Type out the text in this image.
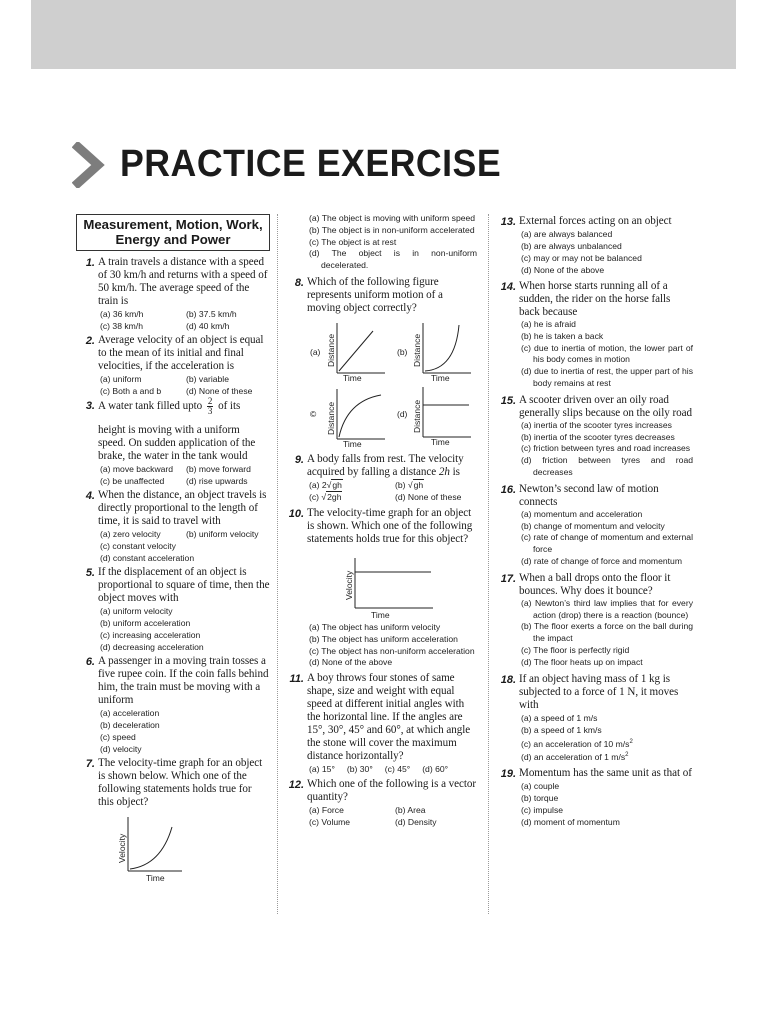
PRACTICE EXERCISE
Measurement, Motion, Work, Energy and Power
1. A train travels a distance with a speed of 30 km/h and returns with a speed of 50 km/h. The average speed of the train is
(a) 36 km/h	(b) 37.5 km/h
(c) 38 km/h	(d) 40 km/h
2. Average velocity of an object is equal to the mean of its initial and final velocities, if the acceleration is
(a) uniform	(b) variable
(c) Both a and b	(d) None of these
3. A water tank filled upto $\frac{2}{3}$ of its
height is moving with a uniform speed. On sudden application of the brake, the water in the tank would
(a) move backward	(b) move forward
(c) be unaffected	(d) rise upwards
4. When the distance, an object travels is directly proportional to the length of time, it is said to travel with
(a) zero velocity	(b) uniform velocity
(c) constant velocity
(d) constant acceleration
5. If the displacement of an object is proportional to square of time, then the object moves with
(a) uniform velocity
(b) uniform acceleration
(c) increasing acceleration
(d) decreasing acceleration
6. A passenger in a moving train tosses a five rupee coin. If the coin falls behind him, the train must be moving with a uniform
(a) acceleration
(b) deceleration
(c) speed
(d) velocity
7. The velocity-time graph for an object is shown below. Which one of the following statements holds true for this object?
Velocity
Time
(a) The object is moving with uniform speed
(b) The object is in non-uniform accelerated
(c) The object is at rest
(d) The object is in non-uniform decelerated.
8. Which of the following figure represents uniform motion of a moving object correctly?
(a) Distance
Time
(b) Distance
Time
© Distance
Time
(d) Distance
Time
9. A body falls from rest. The velocity acquired by falling a distance 2h is
(a) 2√gh	(b) √gh
(c) √2gh	(d) None of these
10. The velocity-time graph for an object is shown. Which one of the following statements holds true for this object?
Velocity
Time
(a) The object has uniform velocity
(b) The object has uniform acceleration
(c) The object has non-uniform acceleration
(d) None of the above
11. A boy throws four stones of same shape, size and weight with equal speed at different initial angles with the horizontal line. If the angles are 15°, 30°, 45° and 60°, at which angle the stone will cover the maximum distance horizontally?
(a) 15° (b) 30° (c) 45° (d) 60°
12. Which one of the following is a vector quantity?
(a) Force	(b) Area
(c) Volume	(d) Density
13. External forces acting on an object
(a) are always balanced
(b) are always unbalanced
(c) may or may not be balanced
(d) None of the above
14. When horse starts running all of a sudden, the rider on the horse falls back because
(a) he is afraid
(b) he is taken a back
(c) due to inertia of motion, the lower part of his body comes in motion
(d) due to inertia of rest, the upper part of his body remains at rest
15. A scooter driven over an oily road generally slips because on the oily road
(a) inertia of the scooter tyres increases
(b) inertia of the scooter tyres decreases
(c) friction between tyres and road increases
(d) friction between tyres and road decreases
16. Newton’s second law of motion connects
(a) momentum and acceleration
(b) change of momentum and velocity
(c) rate of change of momentum and external force
(d) rate of change of force and momentum
17. When a ball drops onto the floor it bounces. Why does it bounce?
(a) Newton’s third law implies that for every action (drop) there is a reaction (bounce)
(b) The floor exerts a force on the ball during the impact
(c) The floor is perfectly rigid
(d) The floor heats up on impact
18. If an object having mass of 1 kg is subjected to a force of 1 N, it moves with
(a) a speed of 1 m/s
(b) a speed of 1 km/s
(c) an acceleration of 10 $m/s^2$
(d) an acceleration of 1 $m/s^2$
19. Momentum has the same unit as that of
(a) couple
(b) torque
(c) impulse
(d) moment of momentum
